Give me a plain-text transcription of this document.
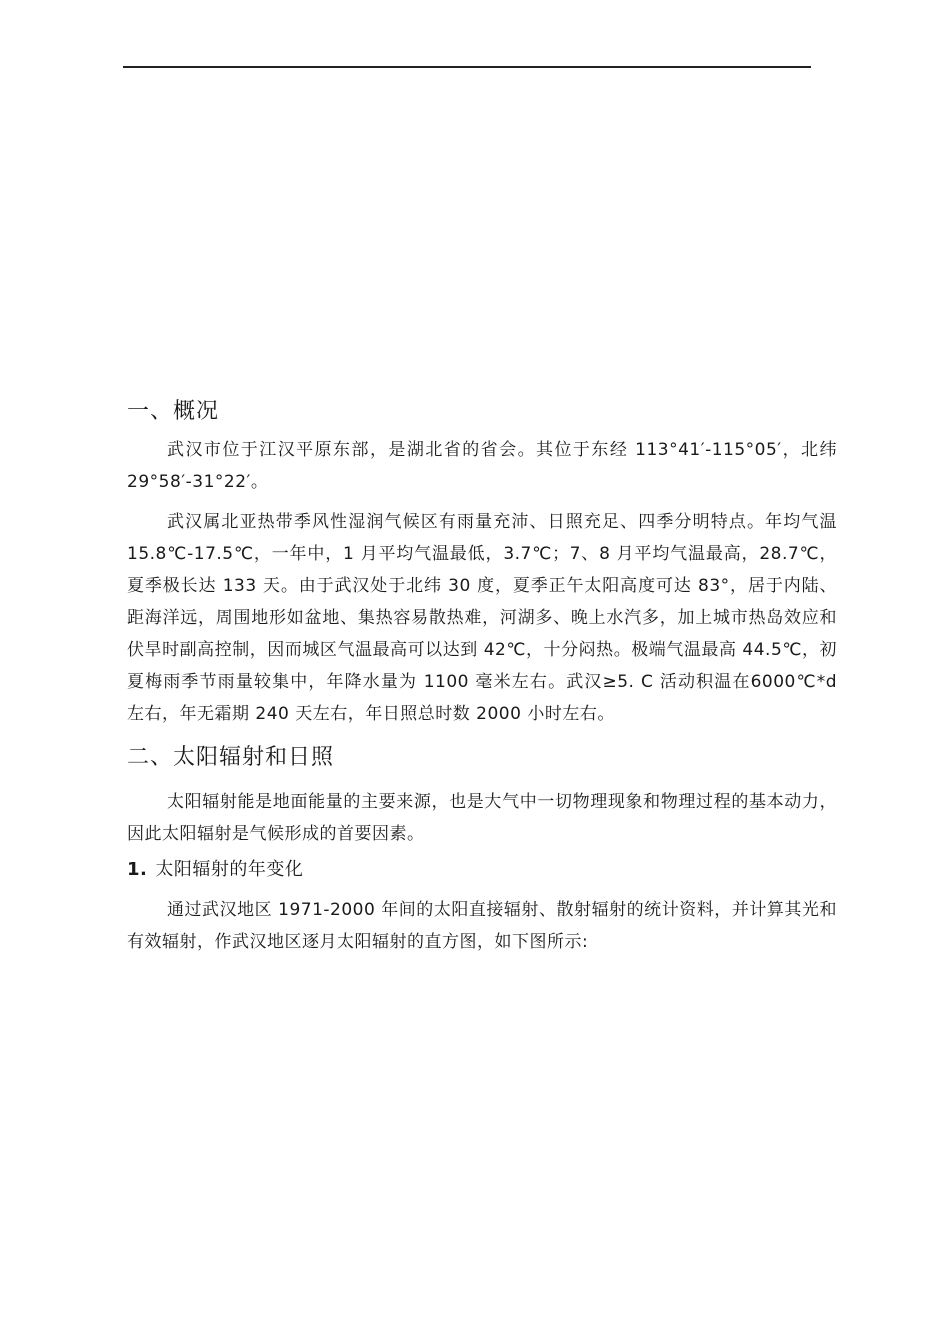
一、概况

武汉市位于江汉平原东部，是湖北省的省会。其位于东经 113°41′-115°05′，北纬 29°58′-31°22′。

武汉属北亚热带季风性湿润气候区有雨量充沛、日照充足、四季分明特点。年均气温 15.8℃-17.5℃，一年中，1 月平均气温最低，3.7℃；7、8 月平均气温最高，28.7℃，夏季极长达 133 天。由于武汉处于北纬 30 度，夏季正午太阳高度可达 83°，居于内陆、距海洋远，周围地形如盆地、集热容易散热难，河湖多、晚上水汽多，加上城市热岛效应和伏旱时副高控制，因而城区气温最高可以达到 42℃，十分闷热。极端气温最高 44.5℃，初夏梅雨季节雨量较集中，年降水量为 1100 毫米左右。武汉≥5. C 活动积温在6000℃*d 左右，年无霜期 240 天左右，年日照总时数 2000 小时左右。

二、太阳辐射和日照

太阳辐射能是地面能量的主要来源，也是大气中一切物理现象和物理过程的基本动力，因此太阳辐射是气候形成的首要因素。

1. 太阳辐射的年变化

通过武汉地区 1971-2000 年间的太阳直接辐射、散射辐射的统计资料，并计算其光和有效辐射，作武汉地区逐月太阳辐射的直方图，如下图所示:
